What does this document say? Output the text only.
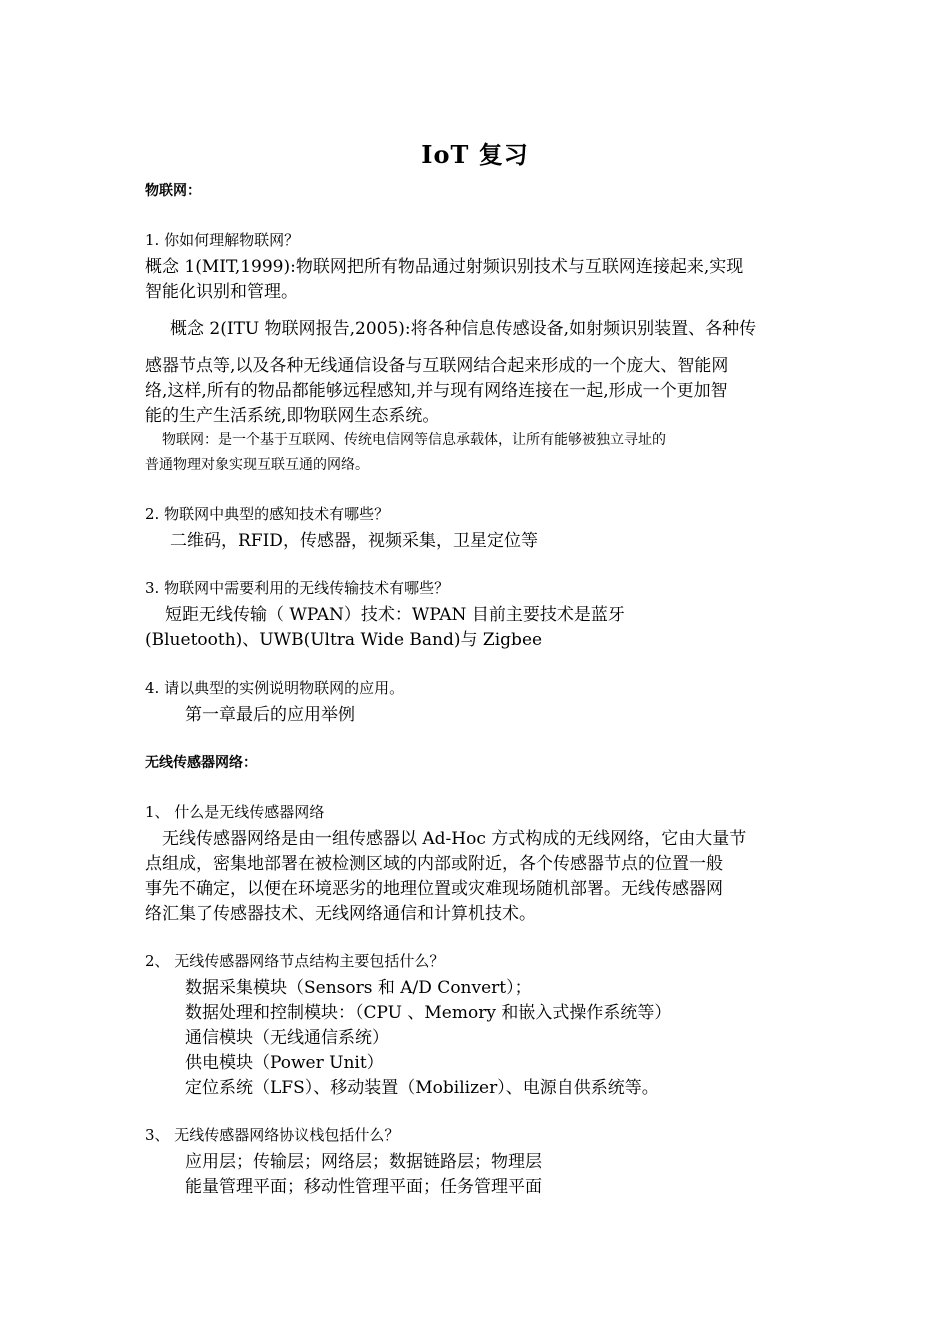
IoT 复习
物联网：
1. 你如何理解物联网？
概念 1(MIT,1999):物联网把所有物品通过射频识别技术与互联网连接起来,实现
智能化识别和管理。
概念 2(ITU 物联网报告,2005):将各种信息传感设备,如射频识别装置、各种传
感器节点等,以及各种无线通信设备与互联网结合起来形成的一个庞大、智能网
络,这样,所有的物品都能够远程感知,并与现有网络连接在一起,形成一个更加智
能的生产生活系统,即物联网生态系统。
物联网：是一个基于互联网、传统电信网等信息承载体，让所有能够被独立寻址的
普通物理对象实现互联互通的网络。
2. 物联网中典型的感知技术有哪些？
二维码，RFID，传感器，视频采集，卫星定位等
3. 物联网中需要利用的无线传输技术有哪些？
短距无线传输（ WPAN）技术：WPAN 目前主要技术是蓝牙
(Bluetooth)、UWB(Ultra Wide Band)与 Zigbee
4. 请以典型的实例说明物联网的应用。
第一章最后的应用举例
无线传感器网络：
1、 什么是无线传感器网络
无线传感器网络是由一组传感器以 Ad-Hoc 方式构成的无线网络，它由大量节
点组成，密集地部署在被检测区域的内部或附近，各个传感器节点的位置一般
事先不确定，以便在环境恶劣的地理位置或灾难现场随机部署。无线传感器网
络汇集了传感器技术、无线网络通信和计算机技术。
2、 无线传感器网络节点结构主要包括什么？
数据采集模块（Sensors 和 A/D Convert）；
数据处理和控制模块：（CPU 、Memory 和嵌入式操作系统等）
通信模块（无线通信系统）
供电模块（Power Unit）
定位系统（LFS）、移动装置（Mobilizer）、电源自供系统等。
3、 无线传感器网络协议栈包括什么？
应用层；传输层；网络层；数据链路层；物理层
能量管理平面；移动性管理平面；任务管理平面
